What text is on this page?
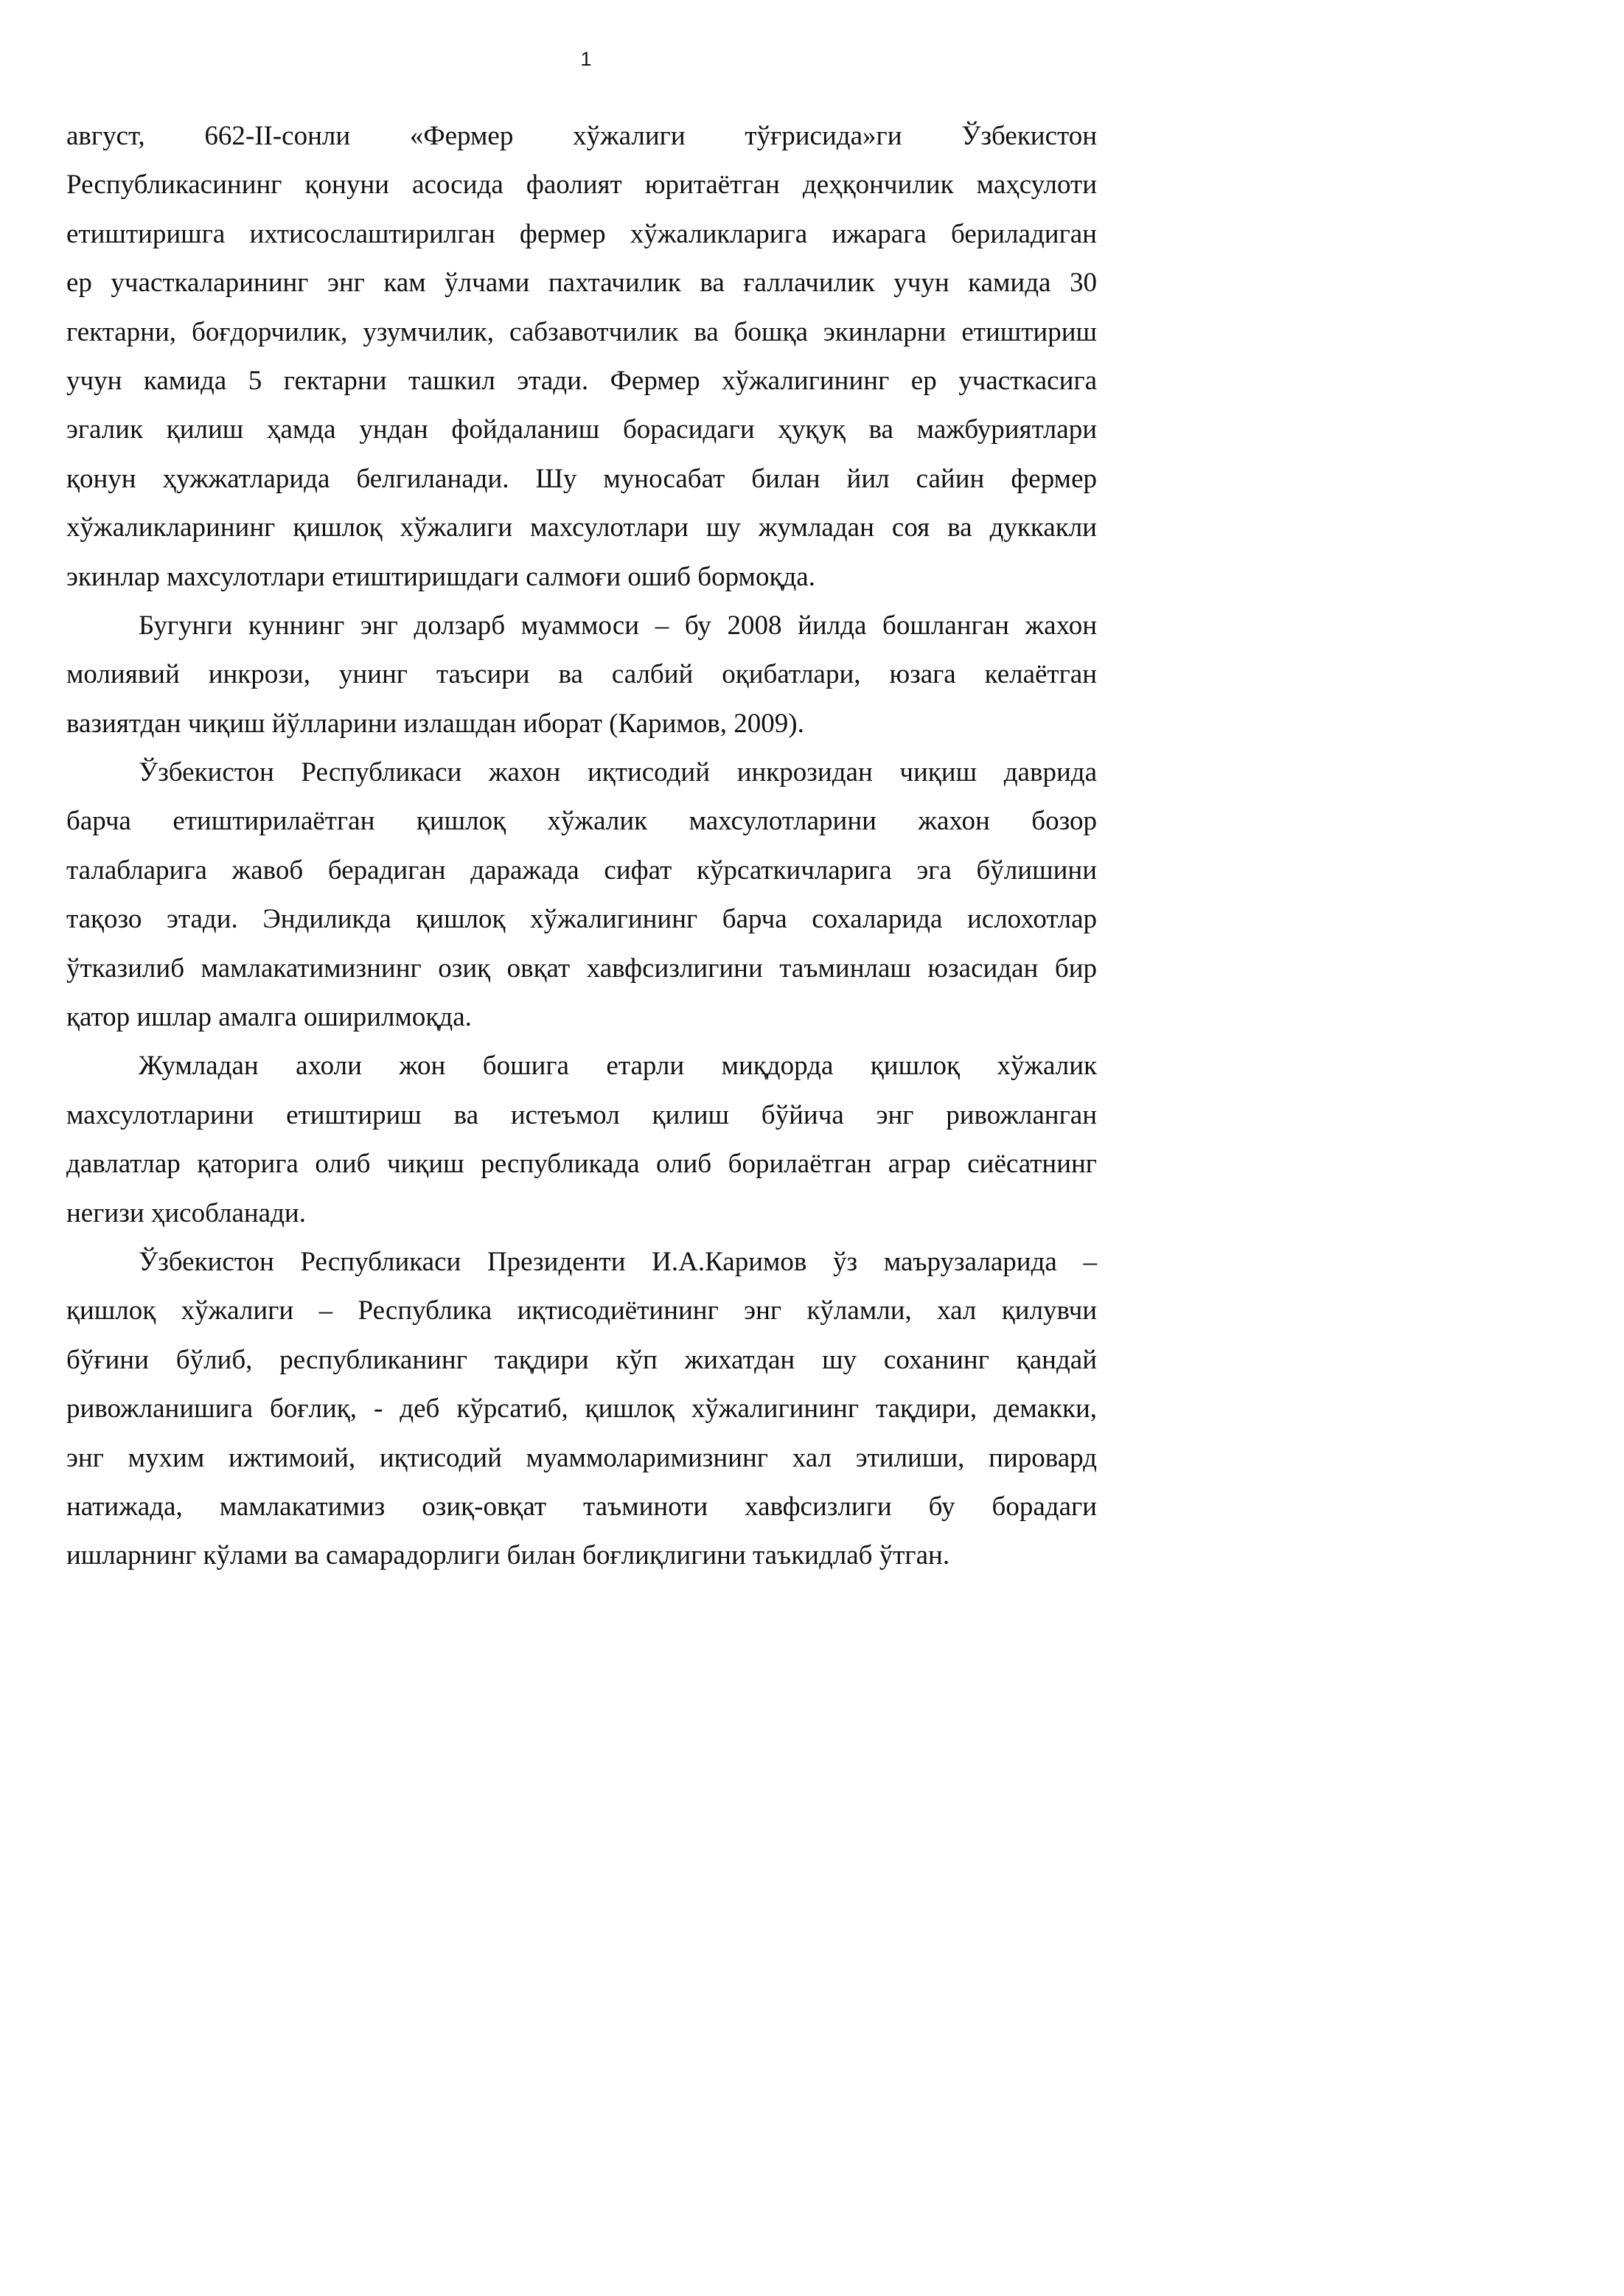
1
август, 662-II-сонли «Фермер хўжалиги тўғрисида»ги Ўзбекистон
Республикасининг қонуни асосида фаолият юритаётган деҳқончилик маҳсулоти
етиштиришга ихтисослаштирилган фермер хўжаликларига ижарага бериладиган
ер участкаларининг энг кам ўлчами пахтачилик ва ғаллачилик учун камида 30
гектарни, боғдорчилик, узумчилик, сабзавотчилик ва бошқа экинларни етиштириш
учун камида 5 гектарни ташкил этади. Фермер хўжалигининг ер участкасига
эгалик қилиш ҳамда ундан фойдаланиш борасидаги ҳуқуқ ва мажбуриятлари
қонун ҳужжатларида белгиланади. Шу муносабат билан йил сайин фермер
хўжаликларининг қишлоқ хўжалиги махсулотлари шу жумладан соя ва дуккакли
экинлар махсулотлари етиштиришдаги салмоғи ошиб бормоқда.
Бугунги куннинг энг долзарб муаммоси – бу 2008 йилда бошланган жахон
молиявий инкрози, унинг таъсири ва салбий оқибатлари, юзага келаётган
вазиятдан чиқиш йўлларини излашдан иборат (Каримов, 2009).
Ўзбекистон Республикаси жахон иқтисодий инкрозидан чиқиш даврида
барча етиштирилаётган қишлоқ хўжалик махсулотларини жахон бозор
талабларига жавоб берадиган даражада сифат кўрсаткичларига эга бўлишини
тақозо этади. Эндиликда қишлоқ хўжалигининг барча сохаларида ислохотлар
ўтказилиб мамлакатимизнинг озиқ овқат хавфсизлигини таъминлаш юзасидан бир
қатор ишлар амалга оширилмоқда.
Жумладан ахоли жон бошига етарли миқдорда қишлоқ хўжалик
махсулотларини етиштириш ва истеъмол қилиш бўйича энг ривожланган
давлатлар қаторига олиб чиқиш республикада олиб борилаётган аграр сиёсатнинг
негизи ҳисобланади.
Ўзбекистон Республикаси Президенти И.А.Каримов ўз маърузаларида –
қишлоқ хўжалиги – Республика иқтисодиётининг энг кўламли, хал қилувчи
бўғини бўлиб, республиканинг тақдири кўп жихатдан шу соханинг қандай
ривожланишига боғлиқ, - деб кўрсатиб, қишлоқ хўжалигининг тақдири, демакки,
энг мухим ижтимоий, иқтисодий муаммоларимизнинг хал этилиши, пировард
натижада, мамлакатимиз озиқ-овқат таъминоти хавфсизлиги бу борадаги
ишларнинг кўлами ва самарадорлиги билан боғлиқлигини таъкидлаб ўтган.
